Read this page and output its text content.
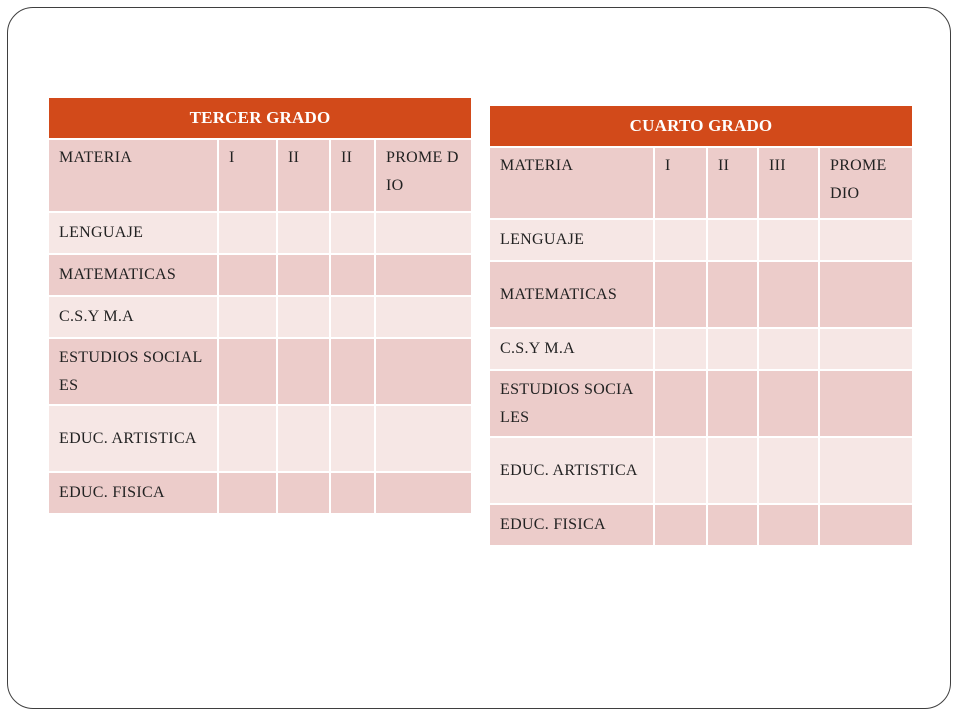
TERCER GRADO				
MATERIA	I	II	II	PROME DIO
LENGUAJE				
MATEMATICAS				
C.S.Y M.A				
ESTUDIOS SOCIALES				
EDUC. ARTISTICA				
EDUC. FISICA				
CUARTO GRADO				
MATERIA	I	II	III	PROME DIO
LENGUAJE				
MATEMATICAS				
C.S.Y M.A				
ESTUDIOS SOCIALES				
EDUC. ARTISTICA				
EDUC. FISICA				
